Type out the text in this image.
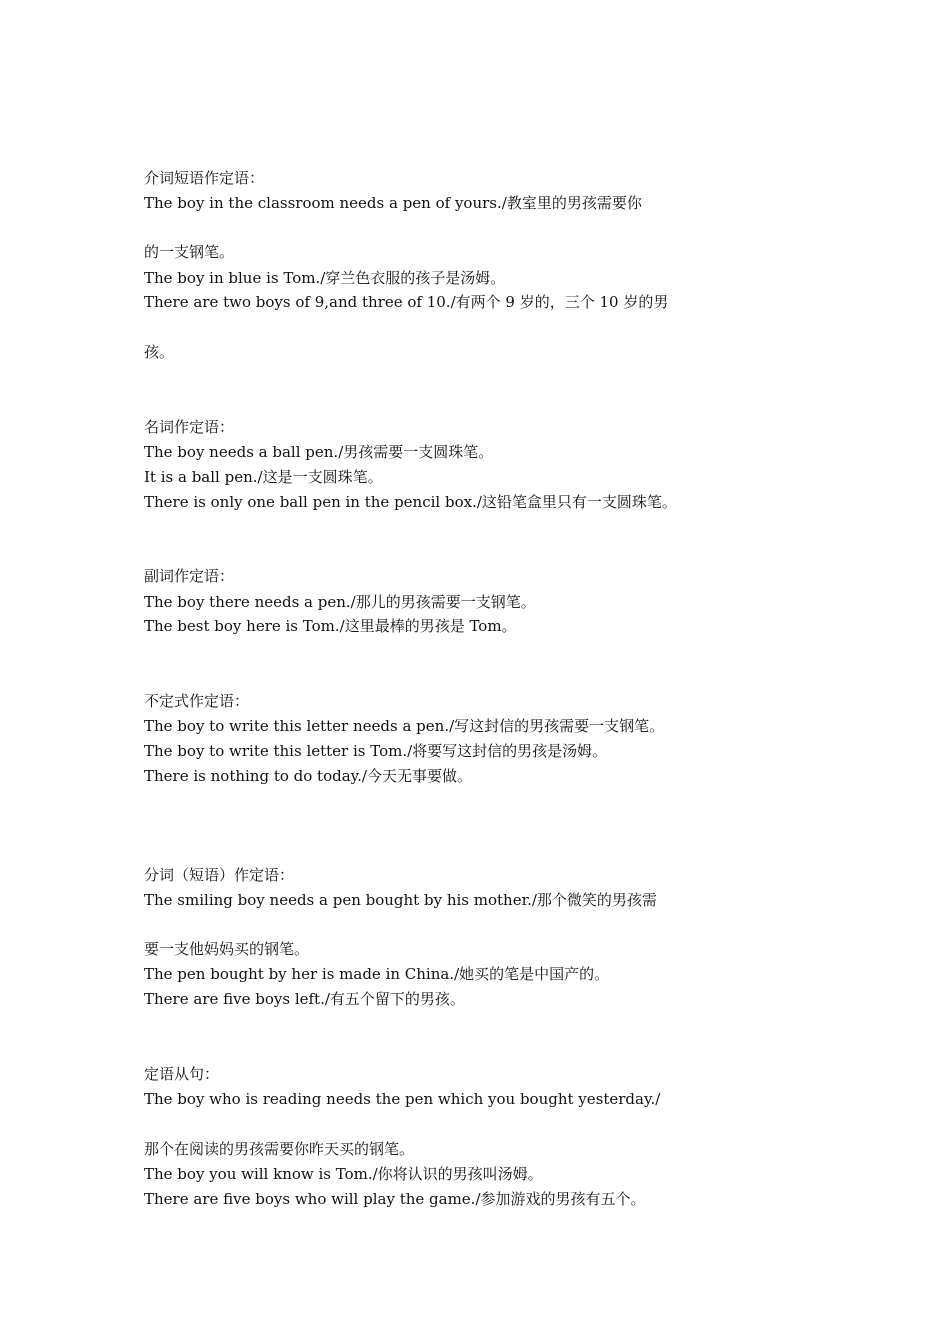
介词短语作定语：
The boy in the classroom needs a pen of yours./教室里的男孩需要你
的一支钢笔。
The boy in blue is Tom./穿兰色衣服的孩子是汤姆。
There are two boys of 9,and three of 10./有两个 9 岁的，三个 10 岁的男
孩。
名词作定语：
The boy needs a ball pen./男孩需要一支圆珠笔。
It is a ball pen./这是一支圆珠笔。
There is only one ball pen in the pencil box./这铅笔盒里只有一支圆珠笔。
副词作定语：
The boy there needs a pen./那儿的男孩需要一支钢笔。
The best boy here is Tom./这里最棒的男孩是 Tom。
不定式作定语：
The boy to write this letter needs a pen./写这封信的男孩需要一支钢笔。
The boy to write this letter is Tom./将要写这封信的男孩是汤姆。
There is nothing to do today./今天无事要做。
分词（短语）作定语：
The smiling boy needs a pen bought by his mother./那个微笑的男孩需
要一支他妈妈买的钢笔。
The pen bought by her is made in China./她买的笔是中国产的。
There are five boys left./有五个留下的男孩。
定语从句：
The boy who is reading needs the pen which you bought yesterday./
那个在阅读的男孩需要你昨天买的钢笔。
The boy you will know is Tom./你将认识的男孩叫汤姆。
There are five boys who will play the game./参加游戏的男孩有五个。
